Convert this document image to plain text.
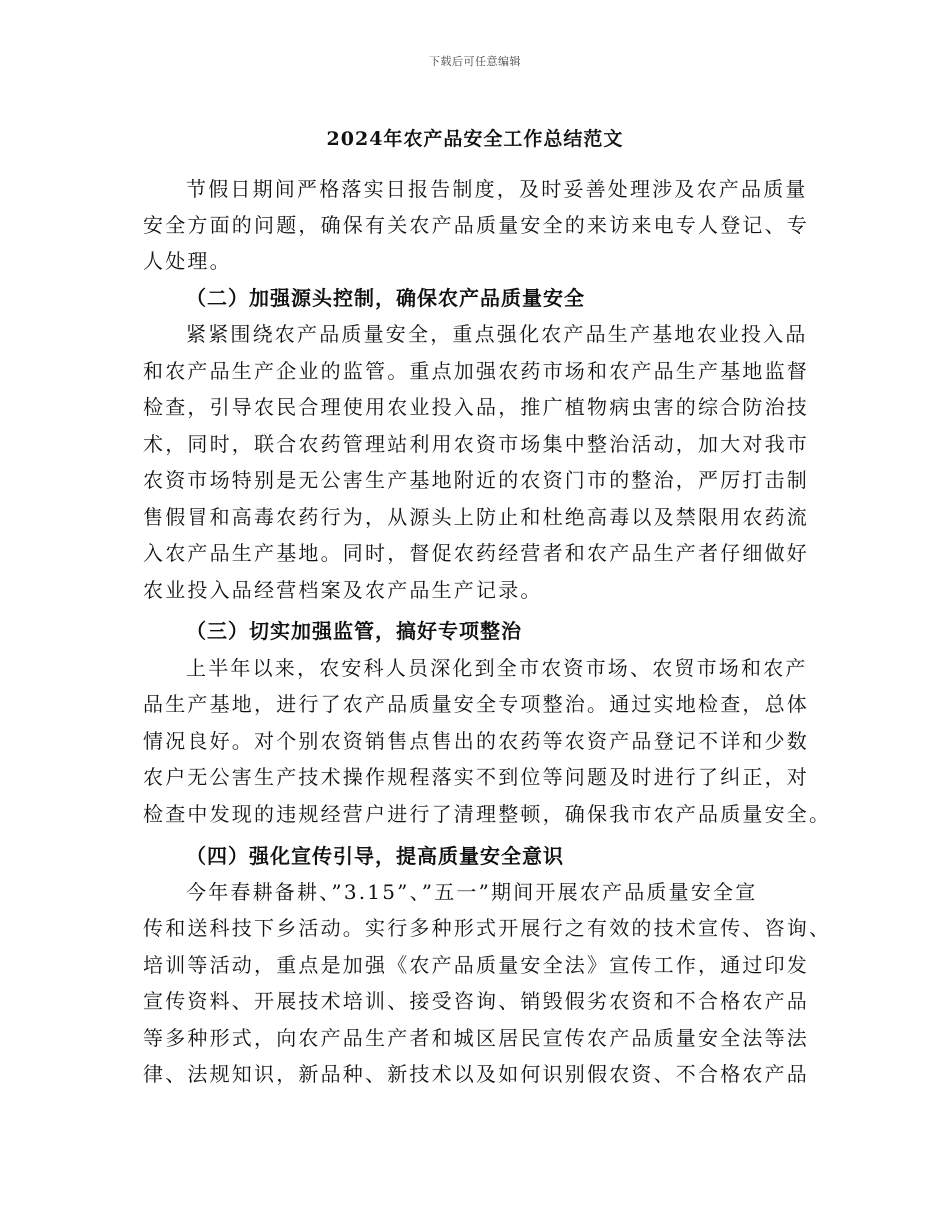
下载后可任意编辑
2024年农产品安全工作总结范文
节假日期间严格落实日报告制度，及时妥善处理涉及农产品质量
安全方面的问题，确保有关农产品质量安全的来访来电专人登记、专
人处理。
（二）加强源头控制，确保农产品质量安全
紧紧围绕农产品质量安全，重点强化农产品生产基地农业投入品
和农产品生产企业的监管。重点加强农药市场和农产品生产基地监督
检查，引导农民合理使用农业投入品，推广植物病虫害的综合防治技
术，同时，联合农药管理站利用农资市场集中整治活动，加大对我市
农资市场特别是无公害生产基地附近的农资门市的整治，严厉打击制
售假冒和高毒农药行为，从源头上防止和杜绝高毒以及禁限用农药流
入农产品生产基地。同时，督促农药经营者和农产品生产者仔细做好
农业投入品经营档案及农产品生产记录。
（三）切实加强监管，搞好专项整治
上半年以来，农安科人员深化到全市农资市场、农贸市场和农产
品生产基地，进行了农产品质量安全专项整治。通过实地检查，总体
情况良好。对个别农资销售点售出的农药等农资产品登记不详和少数
农户无公害生产技术操作规程落实不到位等问题及时进行了纠正，对
检查中发现的违规经营户进行了清理整顿，确保我市农产品质量安全。
（四）强化宣传引导，提高质量安全意识
今年春耕备耕、”3.15”、”五一”期间开展农产品质量安全宣
传和送科技下乡活动。实行多种形式开展行之有效的技术宣传、咨询、
培训等活动，重点是加强《农产品质量安全法》宣传工作，通过印发
宣传资料、开展技术培训、接受咨询、销毁假劣农资和不合格农产品
等多种形式，向农产品生产者和城区居民宣传农产品质量安全法等法
律、法规知识，新品种、新技术以及如何识别假农资、不合格农产品
